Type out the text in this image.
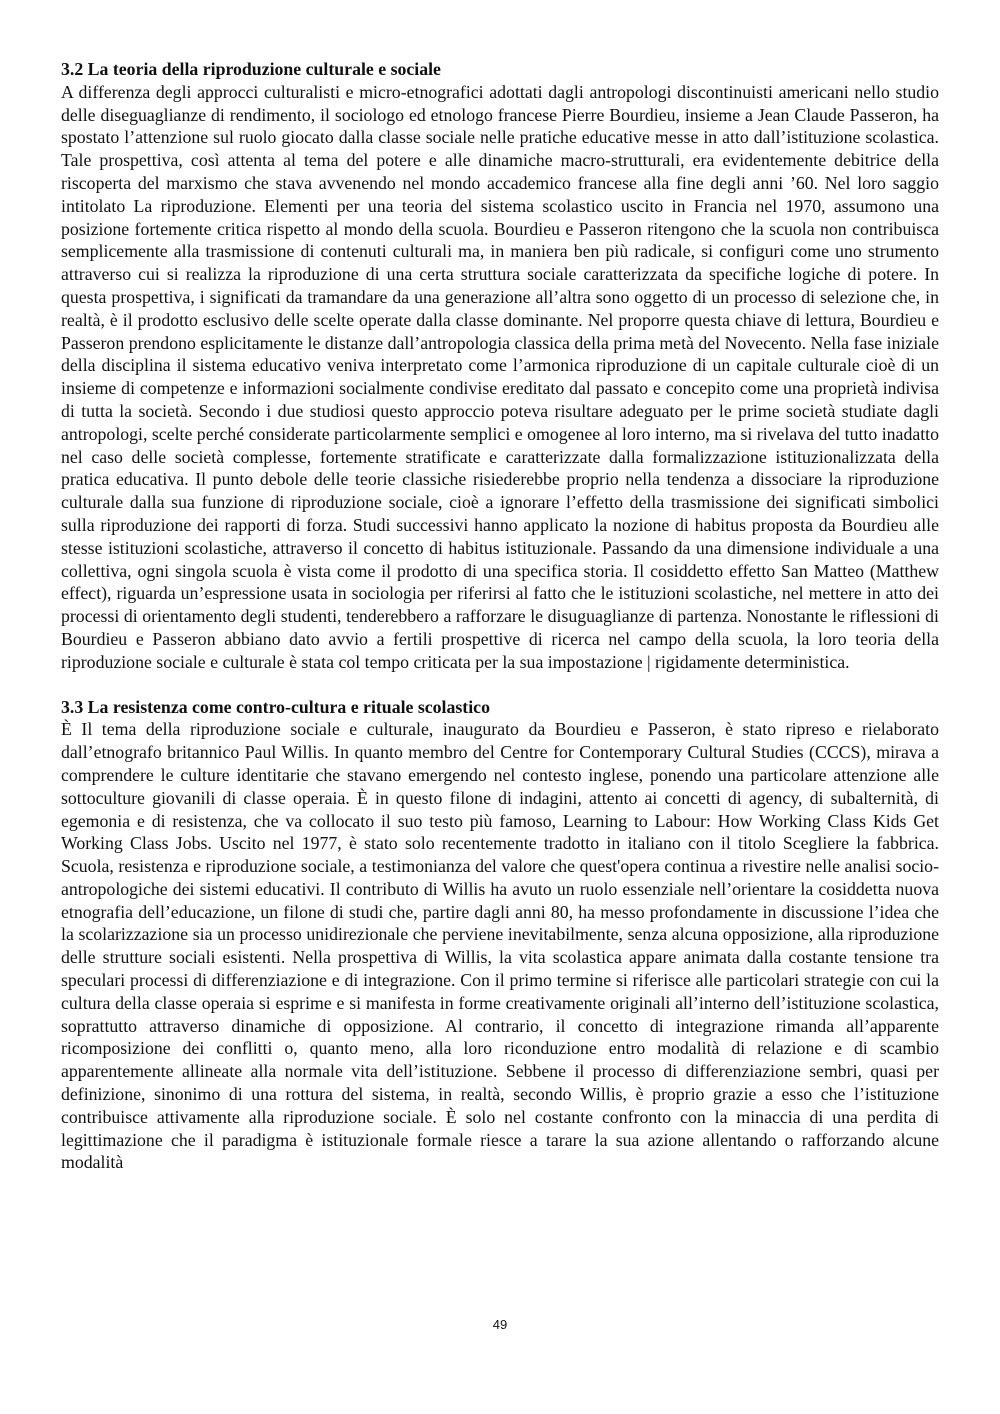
3.2 La teoria della riproduzione culturale e sociale

A differenza degli approcci culturalisti e micro-etnografici adottati dagli antropologi discontinuisti americani nello studio delle diseguaglianze di rendimento, il sociologo ed etnologo francese Pierre Bourdieu, insieme a Jean Claude Passeron, ha spostato l’attenzione sul ruolo giocato dalla classe sociale nelle pratiche educative messe in atto dall’istituzione scolastica. Tale prospettiva, così attenta al tema del potere e alle dinamiche macro-strutturali, era evidentemente debitrice della riscoperta del marxismo che stava avvenendo nel mondo accademico francese alla fine degli anni ’60. Nel loro saggio intitolato La riproduzione. Elementi per una teoria del sistema scolastico uscito in Francia nel 1970, assumono una posizione fortemente critica rispetto al mondo della scuola. Bourdieu e Passeron ritengono che la scuola non contribuisca semplicemente alla trasmissione di contenuti culturali ma, in maniera ben più radicale, si configuri come uno strumento attraverso cui si realizza la riproduzione di una certa struttura sociale caratterizzata da specifiche logiche di potere. In questa prospettiva, i significati da tramandare da una generazione all’altra sono oggetto di un processo di selezione che, in realtà, è il prodotto esclusivo delle scelte operate dalla classe dominante. Nel proporre questa chiave di lettura, Bourdieu e Passeron prendono esplicitamente le distanze dall’antropologia classica della prima metà del Novecento. Nella fase iniziale della disciplina il sistema educativo veniva interpretato come l’armonica riproduzione di un capitale culturale cioè di un insieme di competenze e informazioni socialmente condivise ereditato dal passato e concepito come una proprietà indivisa di tutta la società. Secondo i due studiosi questo approccio poteva risultare adeguato per le prime società studiate dagli antropologi, scelte perché considerate particolarmente semplici e omogenee al loro interno, ma si rivelava del tutto inadatto nel caso delle società complesse, fortemente stratificate e caratterizzate dalla formalizzazione istituzionalizzata della pratica educativa. Il punto debole delle teorie classiche risiederebbe proprio nella tendenza a dissociare la riproduzione culturale dalla sua funzione di riproduzione sociale, cioè a ignorare l’effetto della trasmissione dei significati simbolici sulla riproduzione dei rapporti di forza. Studi successivi hanno applicato la nozione di habitus proposta da Bourdieu alle stesse istituzioni scolastiche, attraverso il concetto di habitus istituzionale. Passando da una dimensione individuale a una collettiva, ogni singola scuola è vista come il prodotto di una specifica storia. Il cosiddetto effetto San Matteo (Matthew effect), riguarda un’espressione usata in sociologia per riferirsi al fatto che le istituzioni scolastiche, nel mettere in atto dei processi di orientamento degli studenti, tenderebbero a rafforzare le disuguaglianze di partenza. Nonostante le riflessioni di Bourdieu e Passeron abbiano dato avvio a fertili prospettive di ricerca nel campo della scuola, la loro teoria della riproduzione sociale e culturale è stata col tempo criticata per la sua impostazione | rigidamente deterministica.

3.3 La resistenza come contro-cultura e rituale scolastico

È Il tema della riproduzione sociale e culturale, inaugurato da Bourdieu e Passeron, è stato ripreso e rielaborato dall’etnografo britannico Paul Willis. In quanto membro del Centre for Contemporary Cultural Studies (CCCS), mirava a comprendere le culture identitarie che stavano emergendo nel contesto inglese, ponendo una particolare attenzione alle sottoculture giovanili di classe operaia. È in questo filone di indagini, attento ai concetti di agency, di subalternità, di egemonia e di resistenza, che va collocato il suo testo più famoso, Learning to Labour: How Working Class Kids Get Working Class Jobs. Uscito nel 1977, è stato solo recentemente tradotto in italiano con il titolo Scegliere la fabbrica. Scuola, resistenza e riproduzione sociale, a testimonianza del valore che quest'opera continua a rivestire nelle analisi socio-antropologiche dei sistemi educativi. Il contributo di Willis ha avuto un ruolo essenziale nell’orientare la cosiddetta nuova etnografia dell’educazione, un filone di studi che, partire dagli anni 80, ha messo profondamente in discussione l’idea che la scolarizzazione sia un processo unidirezionale che perviene inevitabilmente, senza alcuna opposizione, alla riproduzione delle strutture sociali esistenti. Nella prospettiva di Willis, la vita scolastica appare animata dalla costante tensione tra speculari processi di differenziazione e di integrazione. Con il primo termine si riferisce alle particolari strategie con cui la cultura della classe operaia si esprime e si manifesta in forme creativamente originali all’interno dell’istituzione scolastica, soprattutto attraverso dinamiche di opposizione. Al contrario, il concetto di integrazione rimanda all’apparente ricomposizione dei conflitti o, quanto meno, alla loro riconduzione entro modalità di relazione e di scambio apparentemente allineate alla normale vita dell’istituzione. Sebbene il processo di differenziazione sembri, quasi per definizione, sinonimo di una rottura del sistema, in realtà, secondo Willis, è proprio grazie a esso che l’istituzione contribuisce attivamente alla riproduzione sociale. È solo nel costante confronto con la minaccia di una perdita di legittimazione che il paradigma è istituzionale formale riesce a tarare la sua azione allentando o rafforzando alcune modalità

49
